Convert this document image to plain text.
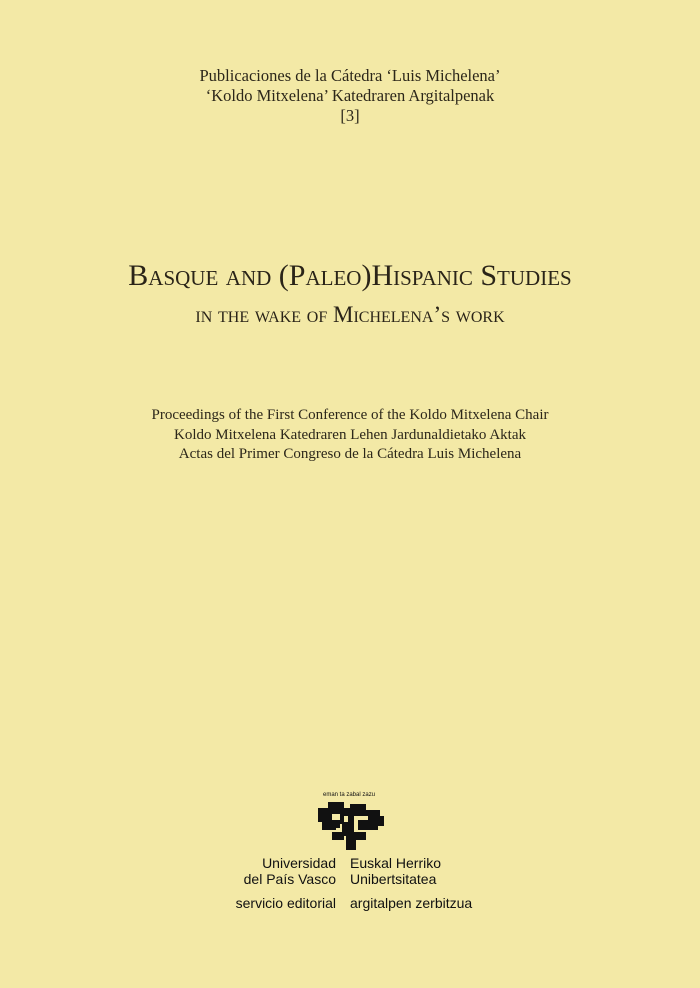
Publicaciones de la Cátedra ‘Luis Michelena’
‘Koldo Mitxelena’ Katedraren Argitalpenak
[3]
Basque and (Paleo)Hispanic Studies
in the wake of Michelena’s work
Proceedings of the First Conference of the Koldo Mitxelena Chair
Koldo Mitxelena Katedraren Lehen Jardunaldietako Aktak
Actas del Primer Congreso de la Cátedra Luis Michelena
eman ta zabal zazu
Universidad
del País Vasco
servicio editorial
Euskal Herriko
Unibertsitatea
argitalpen zerbitzua
